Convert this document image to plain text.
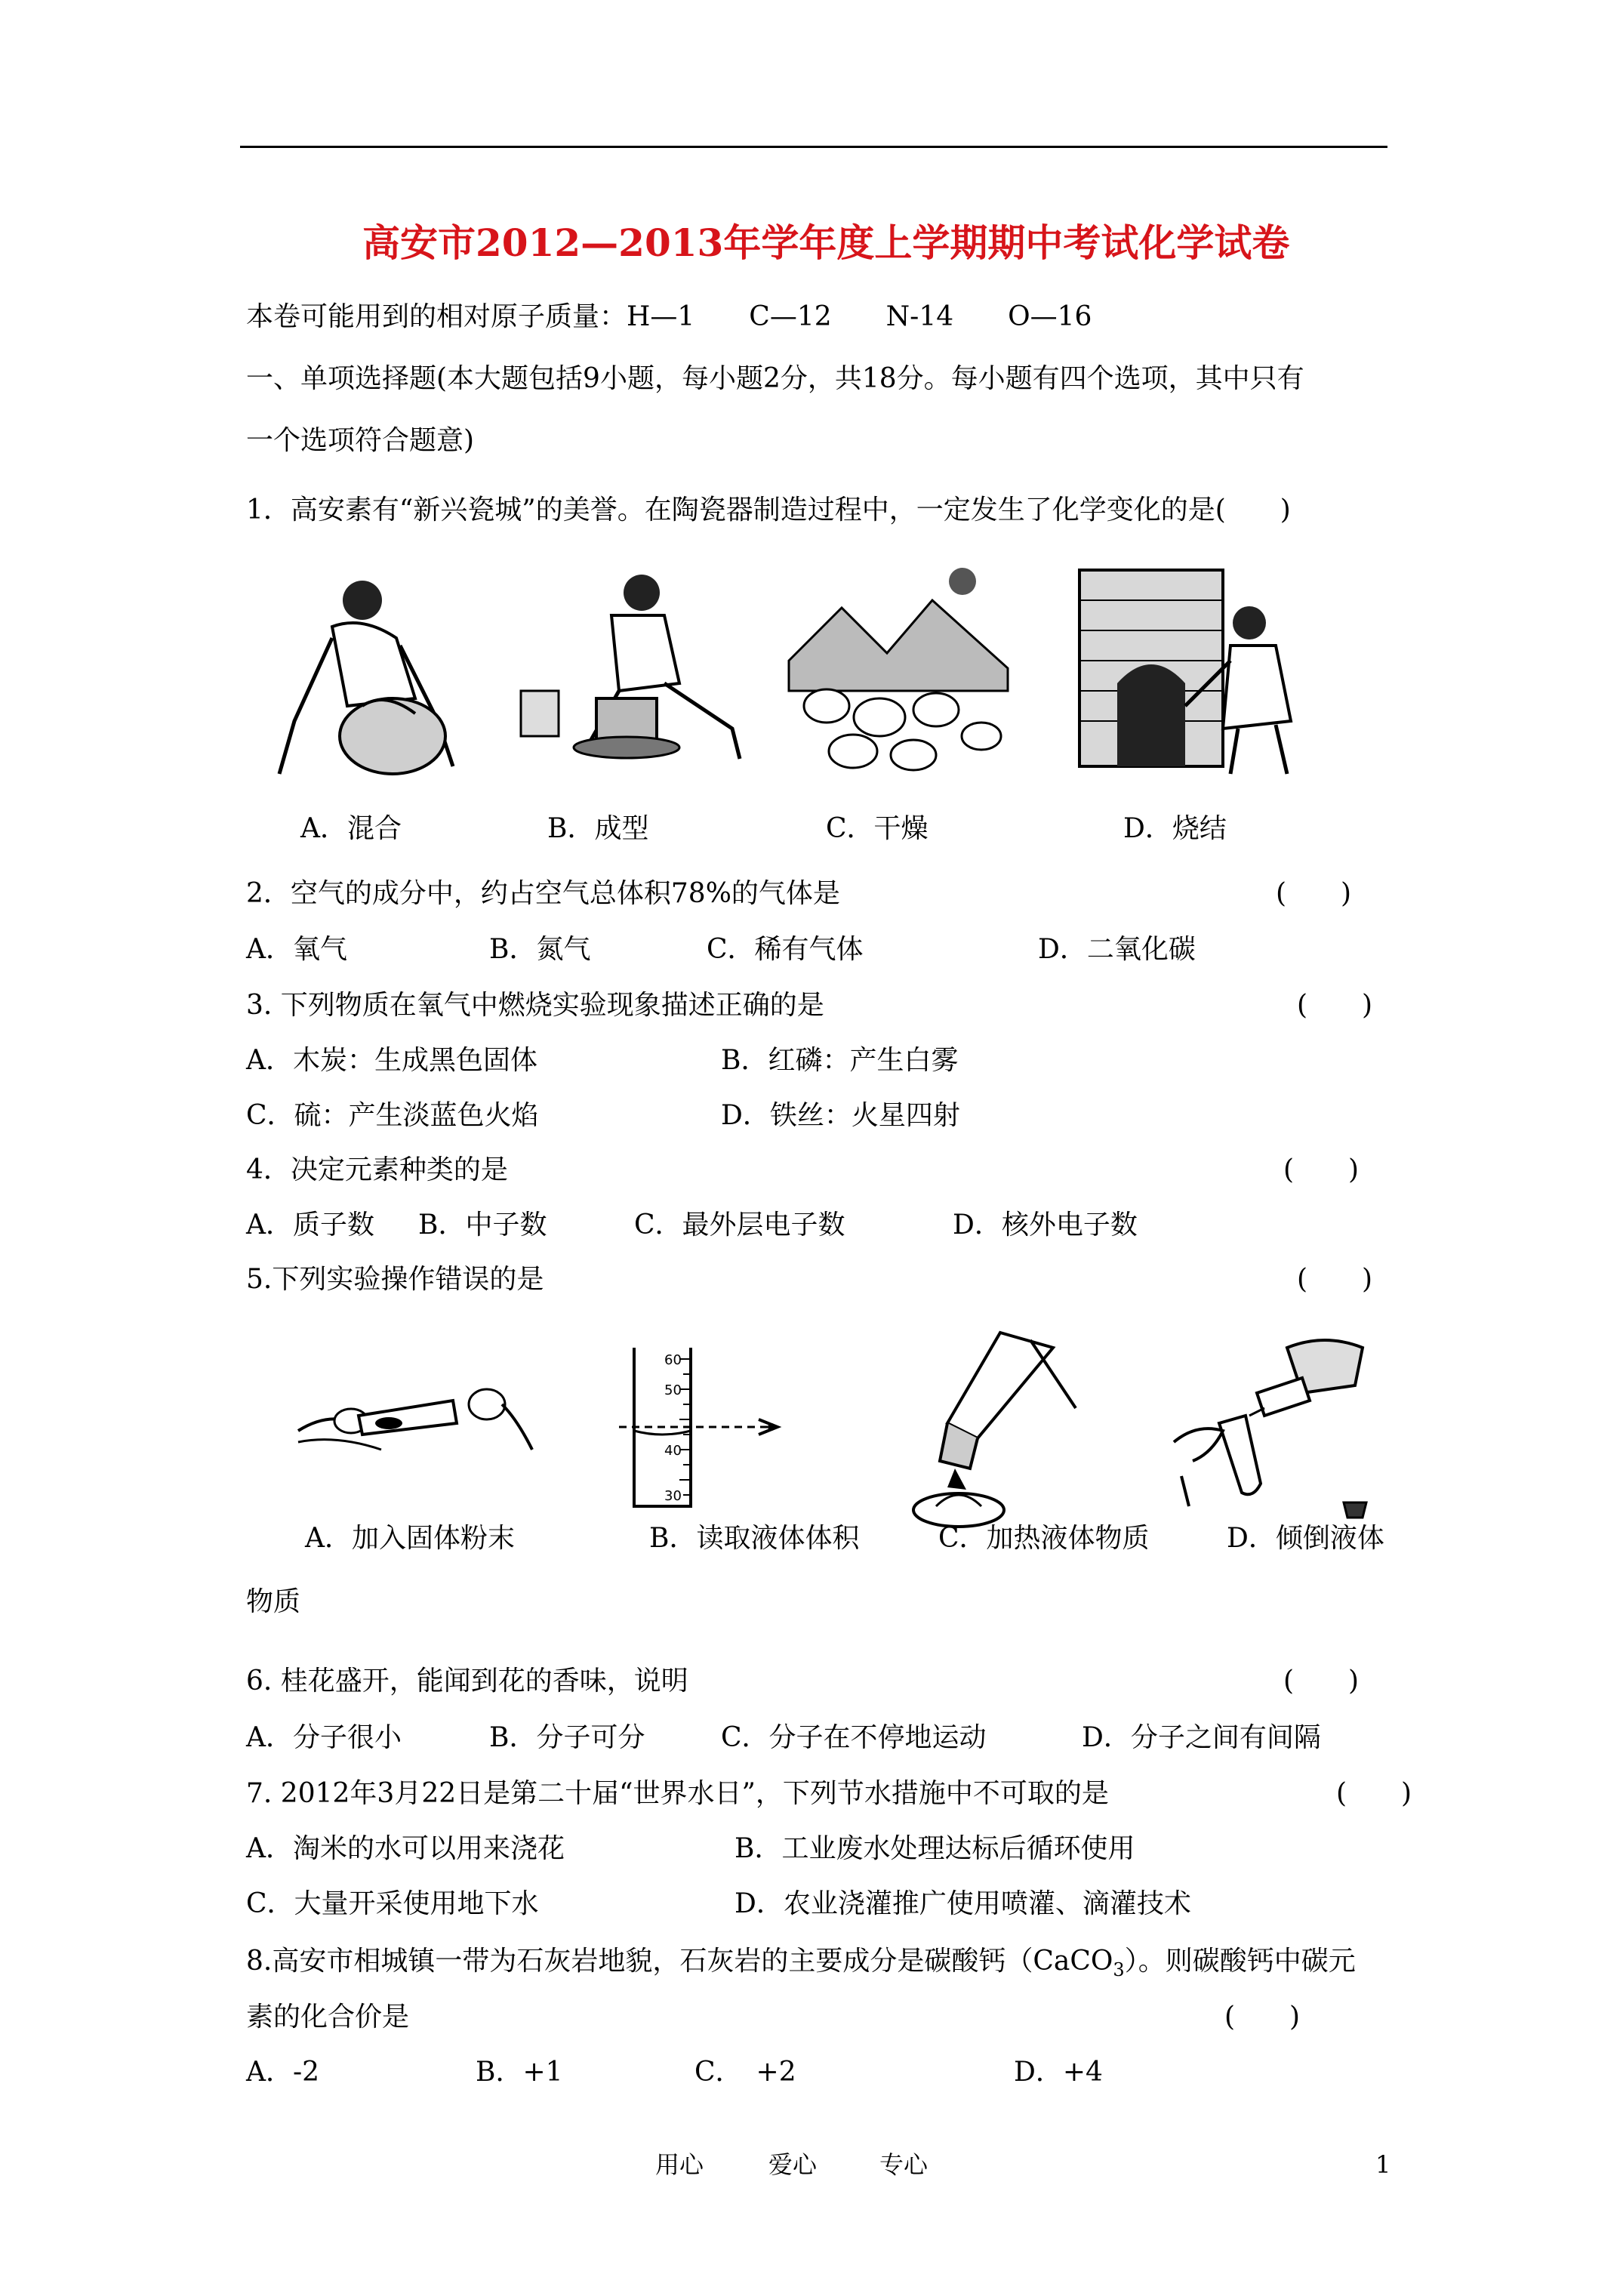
高安市2012—2013年学年度上学期期中考试化学试卷
本卷可能用到的相对原子质量：H—1　　C—12　　N-14　　O—16
一、单项选择题(本大题包括9小题，每小题2分，共18分。每小题有四个选项，其中只有
一个选项符合题意)
1．高安素有“新兴瓷城”的美誉。在陶瓷器制造过程中，一定发生了化学变化的是(　　)
A．混合	B．成型	C．干燥	D．烧结
2．空气的成分中，约占空气总体积78%的气体是	(　　)
A．氧气	B．氮气	C．稀有气体	D．二氧化碳
3. 下列物质在氧气中燃烧实验现象描述正确的是	(　　)
A．木炭：生成黑色固体	B．红磷：产生白雾
C．硫：产生淡蓝色火焰	D．铁丝：火星四射
4．决定元素种类的是	(　　)
A．质子数 B．中子数	C．最外层电子数	D．核外电子数
5.下列实验操作错误的是	(　　)
60
50
40
30
A．加入固体粉末	B．读取液体体积	C．加热液体物质	D．倾倒液体
物质
6. 桂花盛开，能闻到花的香味，说明	(　　)
A．分子很小	B．分子可分	C．分子在不停地运动	D．分子之间有间隔
7. 2012年3月22日是第二十届“世界水日”，下列节水措施中不可取的是	(　　)
A．淘米的水可以用来浇花	B．工业废水处理达标后循环使用
C．大量开采使用地下水	D．农业浇灌推广使用喷灌、滴灌技术
8.高安市相城镇一带为石灰岩地貌，石灰岩的主要成分是碳酸钙（CaCO$_3$）。则碳酸钙中碳元
素的化合价是	(　　)
A．-2	B．+1	C．　+2	D．+4
用心	爱心	专心	1
